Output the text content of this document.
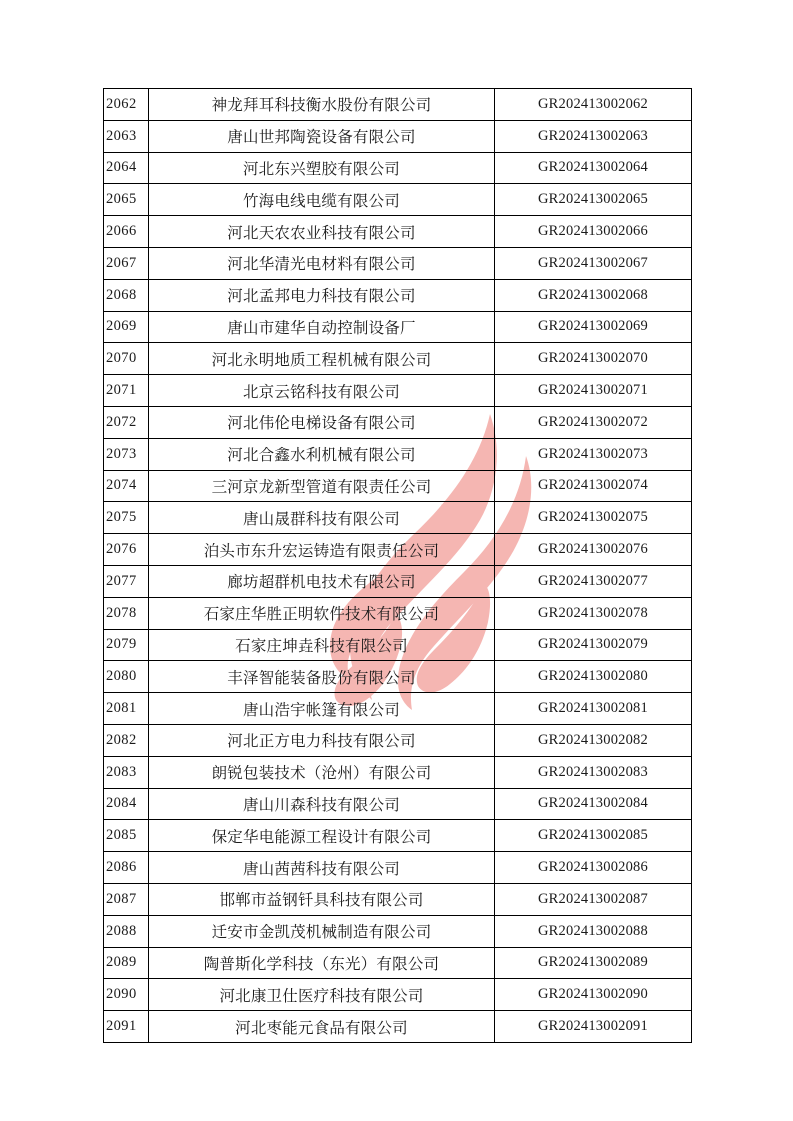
2062	神龙拜耳科技衡水股份有限公司	GR202413002062
2063	唐山世邦陶瓷设备有限公司	GR202413002063
2064	河北东兴塑胶有限公司	GR202413002064
2065	竹海电线电缆有限公司	GR202413002065
2066	河北天农农业科技有限公司	GR202413002066
2067	河北华清光电材料有限公司	GR202413002067
2068	河北孟邦电力科技有限公司	GR202413002068
2069	唐山市建华自动控制设备厂	GR202413002069
2070	河北永明地质工程机械有限公司	GR202413002070
2071	北京云铭科技有限公司	GR202413002071
2072	河北伟伦电梯设备有限公司	GR202413002072
2073	河北合鑫水利机械有限公司	GR202413002073
2074	三河京龙新型管道有限责任公司	GR202413002074
2075	唐山晟群科技有限公司	GR202413002075
2076	泊头市东升宏运铸造有限责任公司	GR202413002076
2077	廊坊超群机电技术有限公司	GR202413002077
2078	石家庄华胜正明软件技术有限公司	GR202413002078
2079	石家庄坤垚科技有限公司	GR202413002079
2080	丰泽智能装备股份有限公司	GR202413002080
2081	唐山浩宇帐篷有限公司	GR202413002081
2082	河北正方电力科技有限公司	GR202413002082
2083	朗锐包装技术（沧州）有限公司	GR202413002083
2084	唐山川森科技有限公司	GR202413002084
2085	保定华电能源工程设计有限公司	GR202413002085
2086	唐山茜茜科技有限公司	GR202413002086
2087	邯郸市益钢钎具科技有限公司	GR202413002087
2088	迁安市金凯茂机械制造有限公司	GR202413002088
2089	陶普斯化学科技（东光）有限公司	GR202413002089
2090	河北康卫仕医疗科技有限公司	GR202413002090
2091	河北枣能元食品有限公司	GR202413002091
